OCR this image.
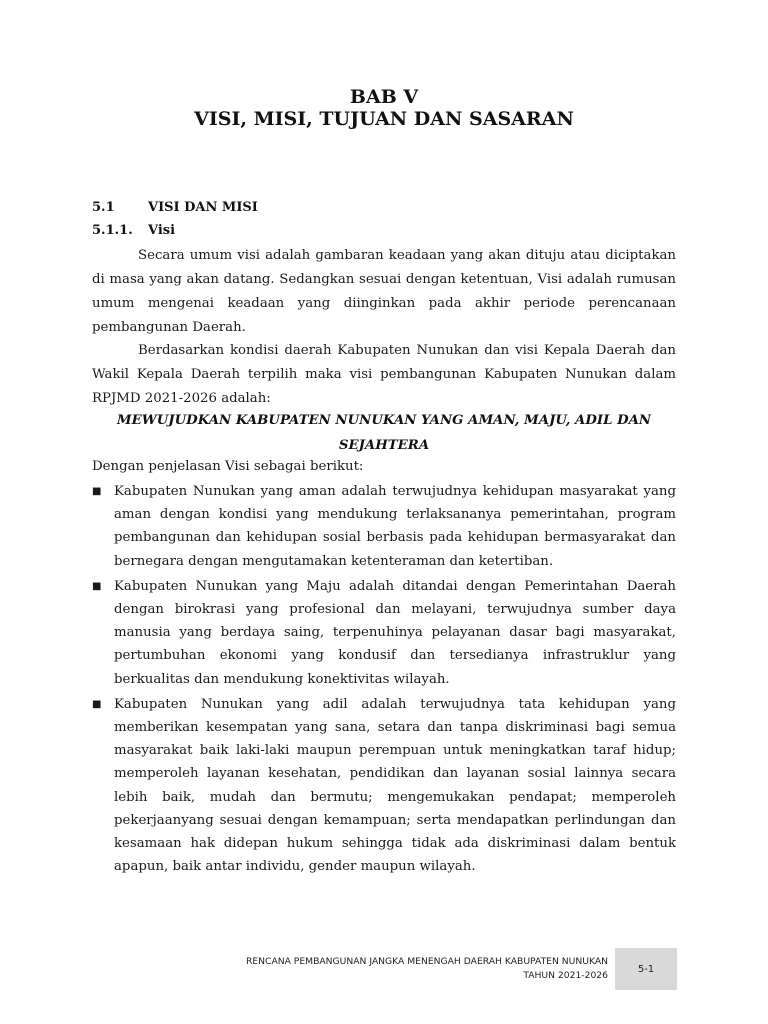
BAB V
VISI, MISI, TUJUAN DAN SASARAN
5.1	VISI DAN MISI
5.1.1. Visi
Secara umum visi adalah gambaran keadaan yang akan dituju atau diciptakan di masa yang akan datang. Sedangkan sesuai dengan ketentuan, Visi adalah rumusan umum mengenai keadaan yang diinginkan pada akhir periode perencanaan pembangunan Daerah.
Berdasarkan kondisi daerah Kabupaten Nunukan dan visi Kepala Daerah dan Wakil Kepala Daerah terpilih maka visi pembangunan Kabupaten Nunukan dalam RPJMD 2021-2026 adalah:
MEWUJUDKAN KABUPATEN NUNUKAN YANG AMAN, MAJU, ADIL DAN SEJAHTERA
Dengan penjelasan Visi sebagai berikut:
■ Kabupaten Nunukan yang aman adalah terwujudnya kehidupan masyarakat yang aman dengan kondisi yang mendukung terlaksananya pemerintahan, program pembangunan dan kehidupan sosial berbasis pada kehidupan bermasyarakat dan bernegara dengan mengutamakan ketenteraman dan ketertiban.
■ Kabupaten Nunukan yang Maju adalah ditandai dengan Pemerintahan Daerah dengan birokrasi yang profesional dan melayani, terwujudnya sumber daya manusia yang berdaya saing, terpenuhinya pelayanan dasar bagi masyarakat, pertumbuhan ekonomi yang kondusif dan tersedianya infrastruklur yang berkualitas dan mendukung konektivitas wilayah.
■ Kabupaten Nunukan yang adil adalah terwujudnya tata kehidupan yang memberikan kesempatan yang sana, setara dan tanpa diskriminasi bagi semua masyarakat baik laki-laki maupun perempuan untuk meningkatkan taraf hidup; memperoleh layanan kesehatan, pendidikan dan layanan sosial lainnya secara lebih baik, mudah dan bermutu; mengemukakan pendapat; memperoleh pekerjaanyang sesuai dengan kemampuan; serta mendapatkan perlindungan dan kesamaan hak didepan hukum sehingga tidak ada diskriminasi dalam bentuk apapun, baik antar individu, gender maupun wilayah.
RENCANA PEMBANGUNAN JANGKA MENENGAH DAERAH KABUPATEN NUNUKAN
TAHUN 2021-2026
5-1
